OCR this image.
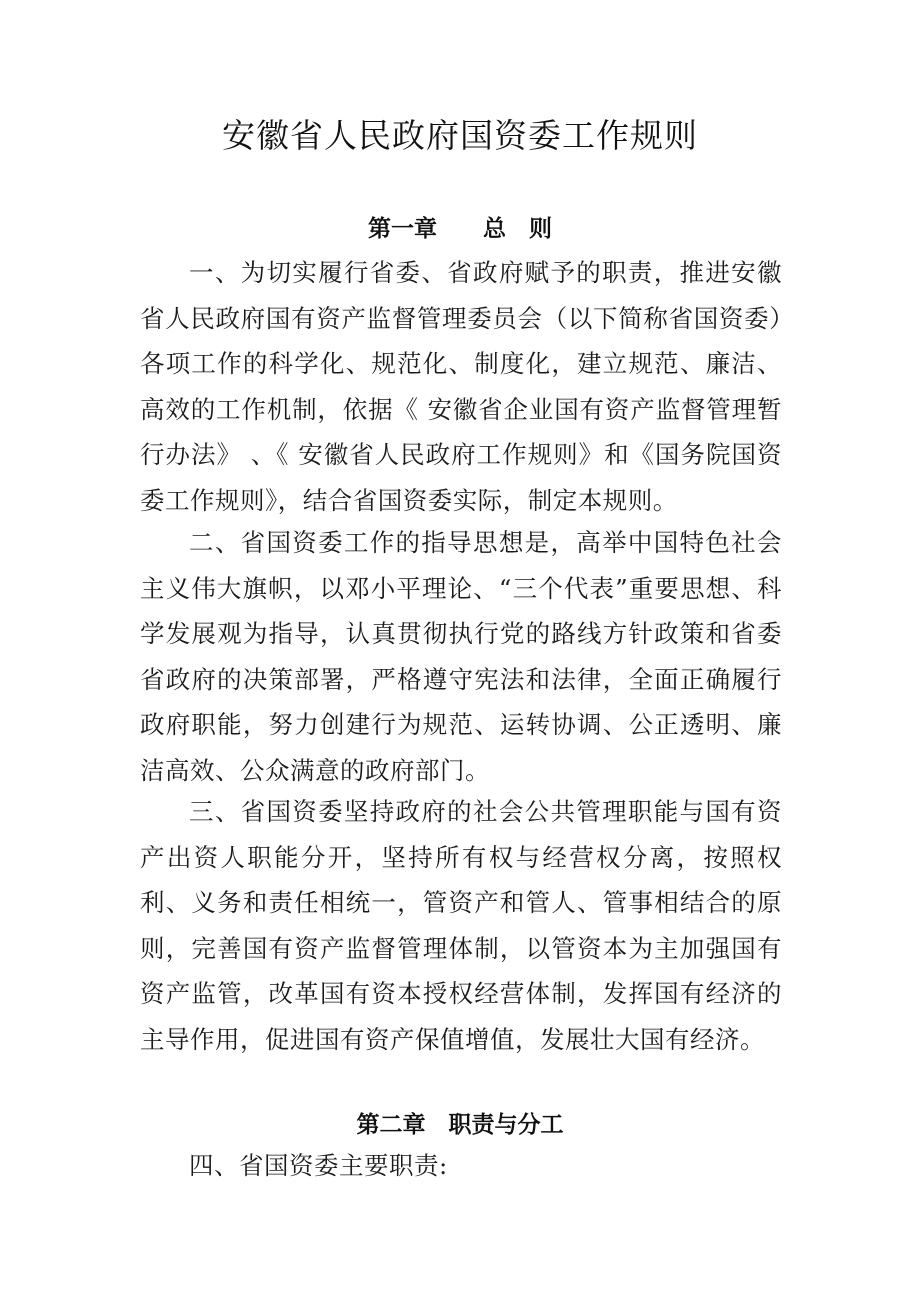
安徽省人民政府国资委工作规则
第一章　　总　则

一、为切实履行省委、省政府赋予的职责，推进安徽省人民政府国有资产监督管理委员会（以下简称省国资委）各项工作的科学化、规范化、制度化，建立规范、廉洁、高效的工作机制，依据《 安徽省企业国有资产监督管理暂行办法》 、《 安徽省人民政府工作规则》和《国务院国资委工作规则》，结合省国资委实际，制定本规则。

二、省国资委工作的指导思想是，高举中国特色社会主义伟大旗帜，以邓小平理论、“三个代表”重要思想、科学发展观为指导，认真贯彻执行党的路线方针政策和省委省政府的决策部署，严格遵守宪法和法律，全面正确履行政府职能，努力创建行为规范、运转协调、公正透明、廉洁高效、公众满意的政府部门。

三、省国资委坚持政府的社会公共管理职能与国有资产出资人职能分开，坚持所有权与经营权分离，按照权利、义务和责任相统一，管资产和管人、管事相结合的原则，完善国有资产监督管理体制，以管资本为主加强国有资产监管，改革国有资本授权经营体制，发挥国有经济的主导作用，促进国有资产保值增值，发展壮大国有经济。

第二章　职责与分工

四、省国资委主要职责:
